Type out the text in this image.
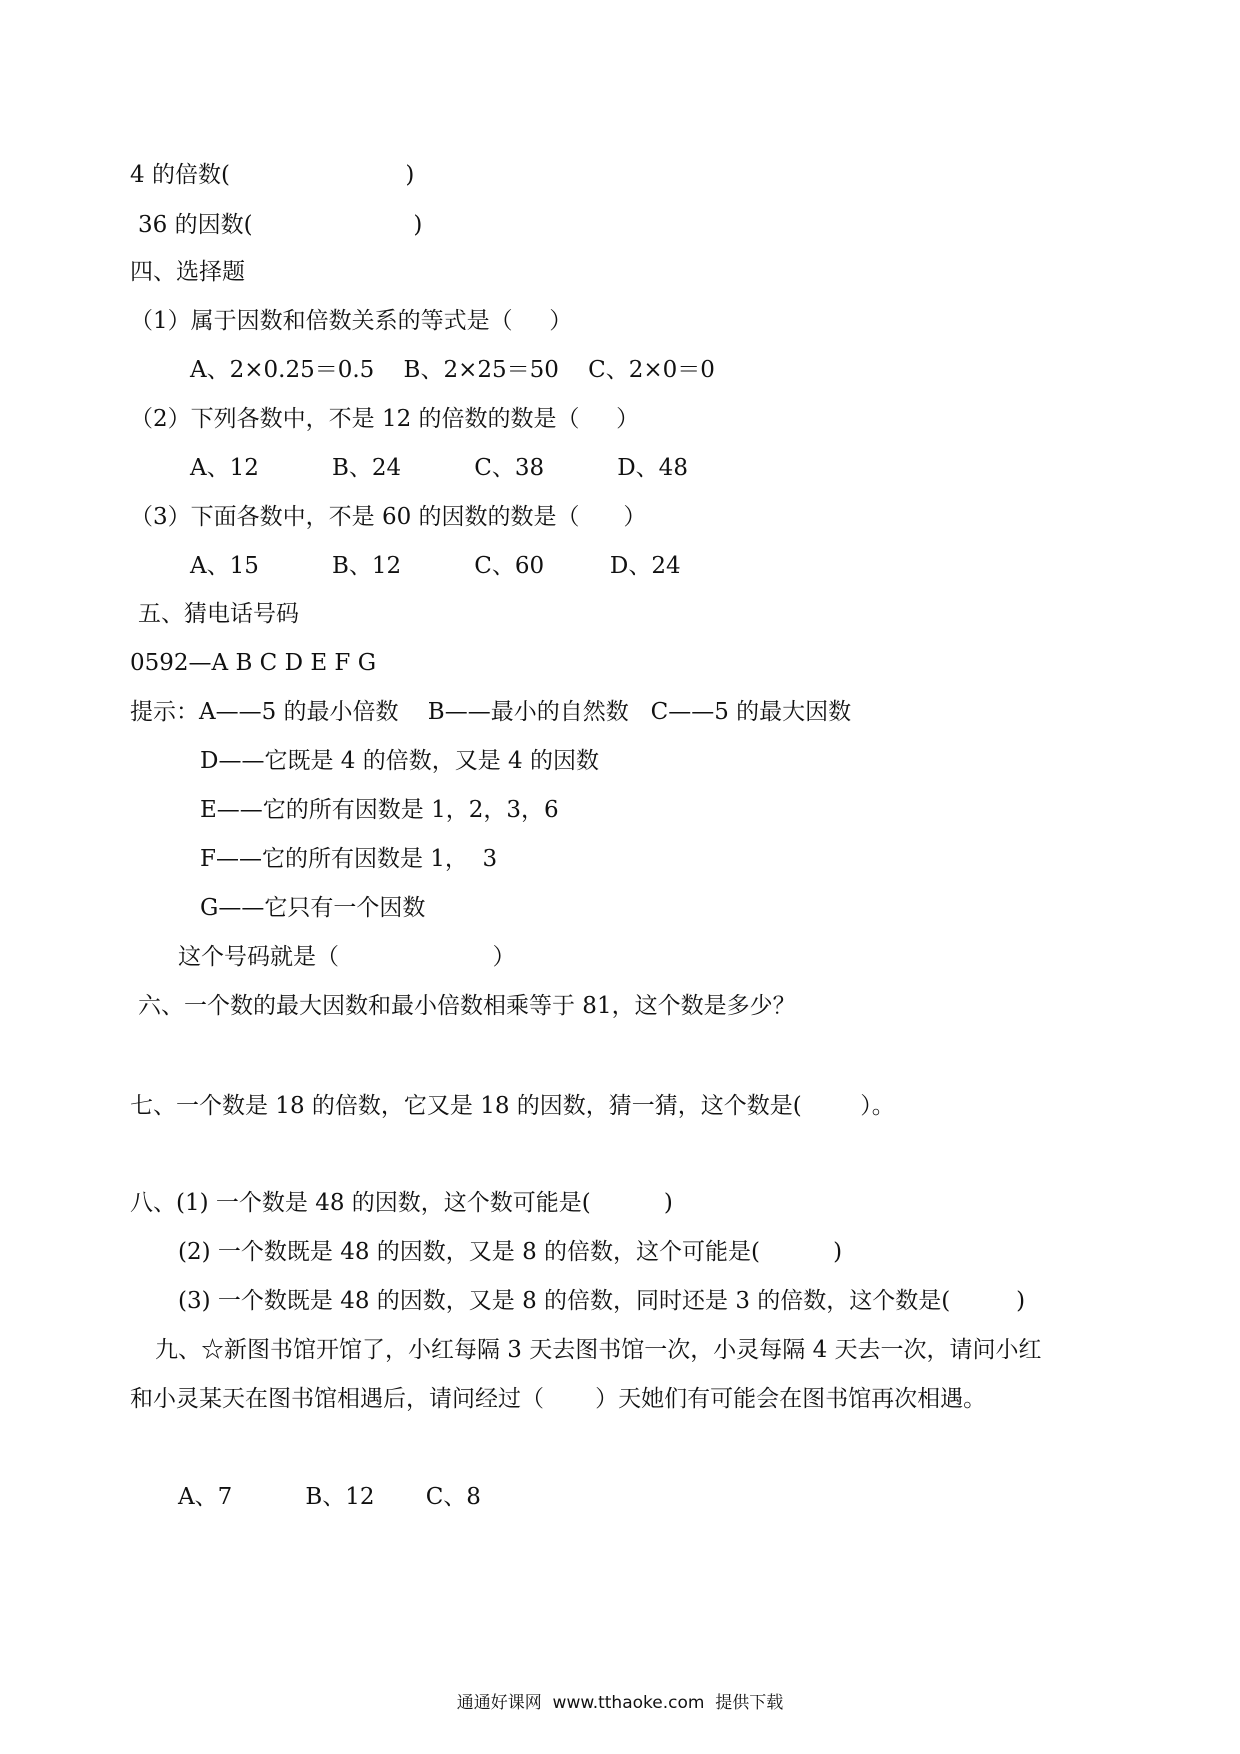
4 的倍数(                        )
36 的因数(                      )
四、选择题
（1）属于因数和倍数关系的等式是（     ）
A、2×0.25＝0.5    B、2×25＝50    C、2×0＝0
（2）下列各数中，不是 12 的倍数的数是（     ）
A、12          B、24          C、38          D、48
（3）下面各数中，不是 60 的因数的数是（      ）
A、15          B、12          C、60         D、24
五、猜电话号码
0592—A B C D E F G
提示：A——5 的最小倍数    B——最小的自然数   C——5 的最大因数
D——它既是 4 的倍数，又是 4 的因数
E——它的所有因数是 1，2，3，6
F——它的所有因数是 1，  3
G——它只有一个因数
这个号码就是（                     ）
六、一个数的最大因数和最小倍数相乘等于 81，这个数是多少？
七、一个数是 18 的倍数，它又是 18 的因数，猜一猜，这个数是(        ）。
八、(1) 一个数是 48 的因数，这个数可能是(          )
(2) 一个数既是 48 的因数，又是 8 的倍数，这个可能是(          )
(3) 一个数既是 48 的因数，又是 8 的倍数，同时还是 3 的倍数，这个数是(         )
九、☆新图书馆开馆了，小红每隔 3 天去图书馆一次，小灵每隔 4 天去一次，请问小红
和小灵某天在图书馆相遇后，请问经过（       ）天她们有可能会在图书馆再次相遇。
A、7          B、12       C、8
通通好课网  www.tthaoke.com  提供下载
